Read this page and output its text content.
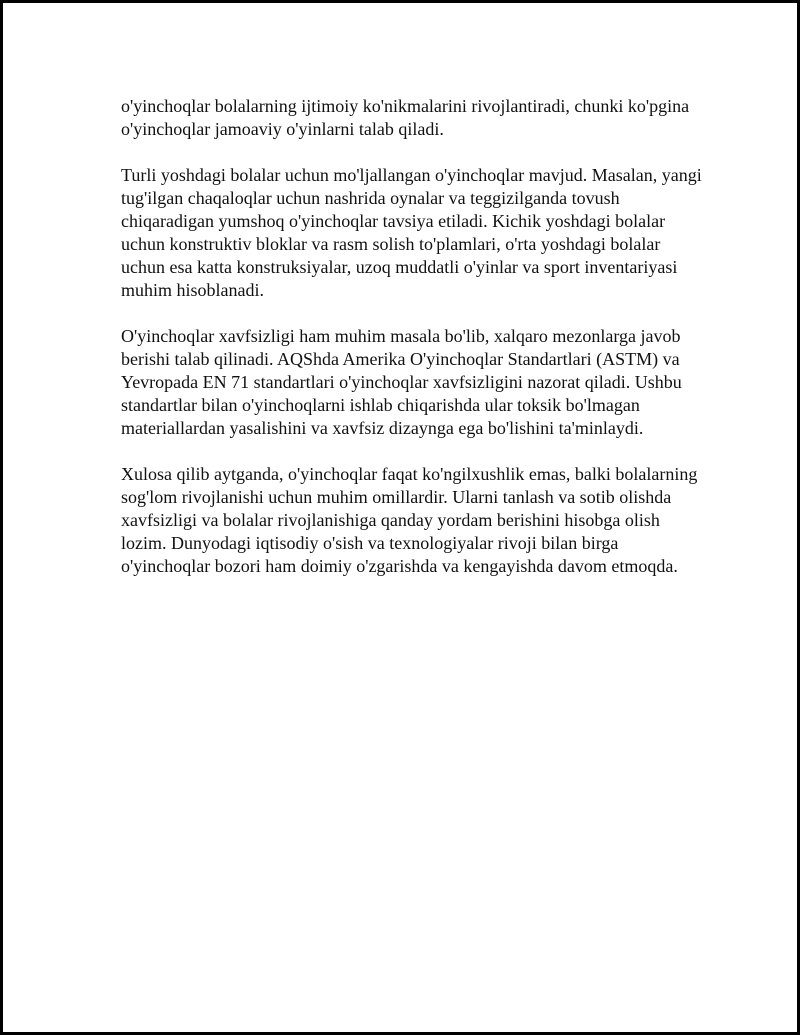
o'yinchoqlar bolalarning ijtimoiy ko'nikmalarini rivojlantiradi, chunki ko'pgina o'yinchoqlar jamoaviy o'yinlarni talab qiladi.

Turli yoshdagi bolalar uchun mo'ljallangan o'yinchoqlar mavjud. Masalan, yangi tug'ilgan chaqaloqlar uchun nashrida oynalar va teggizilganda tovush chiqaradigan yumshoq o'yinchoqlar tavsiya etiladi. Kichik yoshdagi bolalar uchun konstruktiv bloklar va rasm solish to'plamlari, o'rta yoshdagi bolalar uchun esa katta konstruksiyalar, uzoq muddatli o'yinlar va sport inventariyasi muhim hisoblanadi.

O'yinchoqlar xavfsizligi ham muhim masala bo'lib, xalqaro mezonlarga javob berishi talab qilinadi. AQShda Amerika O'yinchoqlar Standartlari (ASTM) va Yevropada EN 71 standartlari o'yinchoqlar xavfsizligini nazorat qiladi. Ushbu standartlar bilan o'yinchoqlarni ishlab chiqarishda ular toksik bo'lmagan materiallardan yasalishini va xavfsiz dizaynga ega bo'lishini ta'minlaydi.

Xulosa qilib aytganda, o'yinchoqlar faqat ko'ngilxushlik emas, balki bolalarning sog'lom rivojlanishi uchun muhim omillardir. Ularni tanlash va sotib olishda xavfsizligi va bolalar rivojlanishiga qanday yordam berishini hisobga olish lozim. Dunyodagi iqtisodiy o'sish va texnologiyalar rivoji bilan birga o'yinchoqlar bozori ham doimiy o'zgarishda va kengayishda davom etmoqda.
